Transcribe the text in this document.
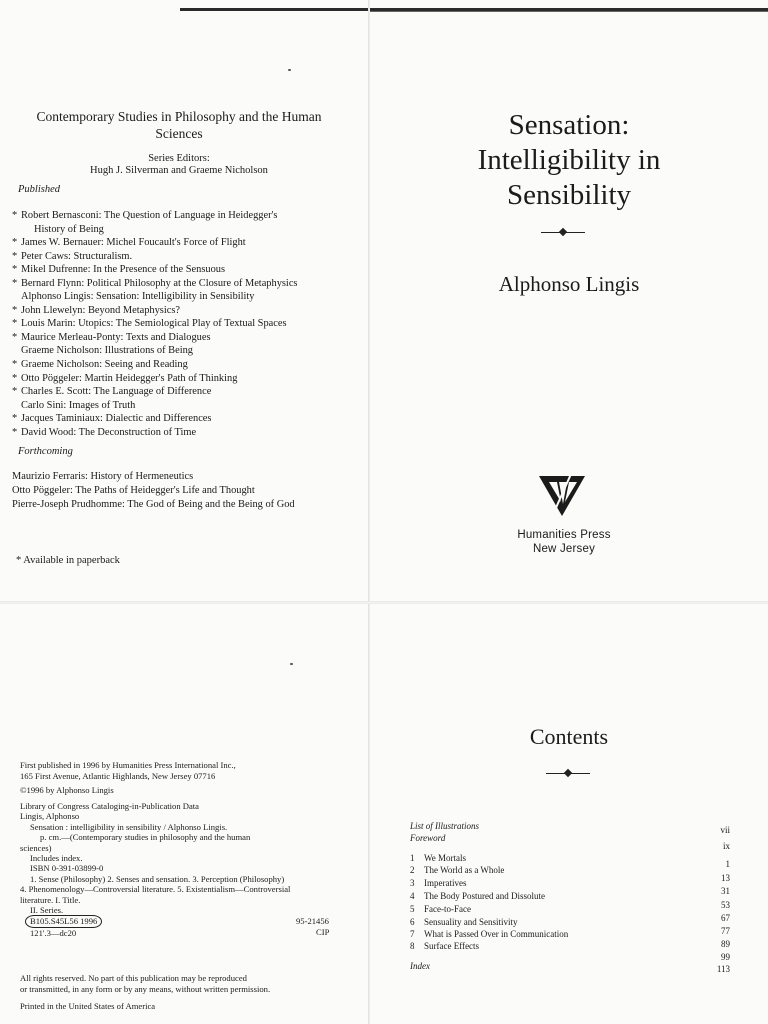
Contemporary Studies in Philosophy and the Human Sciences
Series Editors:
Hugh J. Silverman and Graeme Nicholson
Published
* Robert Bernasconi: The Question of Language in Heidegger's
History of Being
* James W. Bernauer: Michel Foucault's Force of Flight
* Peter Caws: Structuralism.
* Mikel Dufrenne: In the Presence of the Sensuous
* Bernard Flynn: Political Philosophy at the Closure of Metaphysics
Alphonso Lingis: Sensation: Intelligibility in Sensibility
* John Llewelyn: Beyond Metaphysics?
* Louis Marin: Utopics: The Semiological Play of Textual Spaces
* Maurice Merleau-Ponty: Texts and Dialogues
Graeme Nicholson: Illustrations of Being
* Graeme Nicholson: Seeing and Reading
* Otto Pöggeler: Martin Heidegger's Path of Thinking
* Charles E. Scott: The Language of Difference
Carlo Sini: Images of Truth
* Jacques Taminiaux: Dialectic and Differences
* David Wood: The Deconstruction of Time
Forthcoming
Maurizio Ferraris: History of Hermeneutics
Otto Pöggeler: The Paths of Heidegger's Life and Thought
Pierre-Joseph Prudhomme: The God of Being and the Being of God
* Available in paperback
Sensation:
Intelligibility in
Sensibility
Alphonso Lingis
Humanities Press
New Jersey
First published in 1996 by Humanities Press International Inc.,
165 First Avenue, Atlantic Highlands, New Jersey 07716
©1996 by Alphonso Lingis
Library of Congress Cataloging-in-Publication Data
Lingis, Alphonso
Sensation : intelligibility in sensibility / Alphonso Lingis.
p. cm.—(Contemporary studies in philosophy and the human
sciences)
Includes index.
ISBN 0-391-03899-0
1. Sense (Philosophy) 2. Senses and sensation. 3. Perception (Philosophy)
4. Phenomenology—Controversial literature. 5. Existentialism—Controversial
literature. I. Title.
II. Series.
B105.S45L56 1996
121'.3—dc20
95-21456
CIP
All rights reserved. No part of this publication may be reproduced
or transmitted, in any form or by any means, without written permission.
Printed in the United States of America
Contents
List of Illustrations	vii
Foreword
ix
1 We Mortals
1
2 The World as a Whole
13
3 Imperatives
31
4 The Body Postured and Dissolute
53
5 Face-to-Face
67
6 Sensuality and Sensitivity
77
7 What is Passed Over in Communication
89
8 Surface Effects
99
Index	113
